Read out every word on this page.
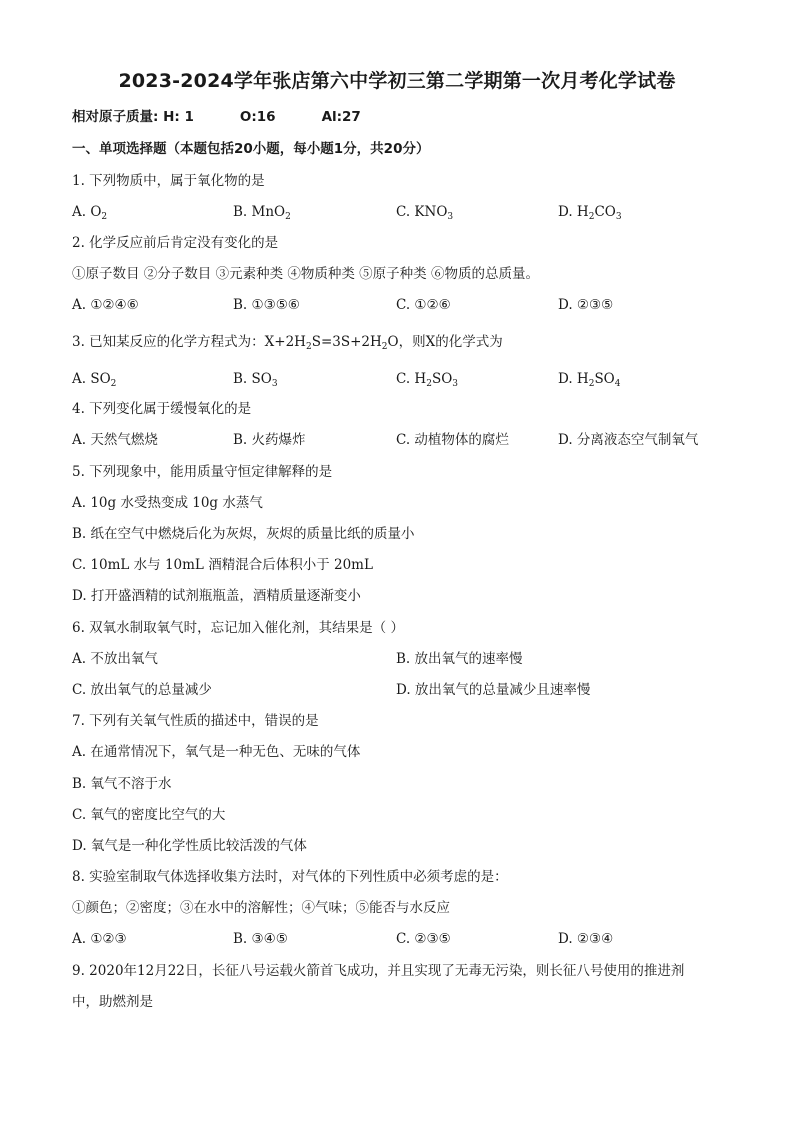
2023-2024学年张店第六中学初三第二学期第一次月考化学试卷
相对原子质量: H: 1	O:16	Al:27
一、单项选择题（本题包括20小题，每小题1分，共20分）
1. 下列物质中，属于氧化物的是
A. $O_2$	B. MnO$_2$	C. $KNO_3$	D. $H_2CO_3$
2. 化学反应前后肯定没有变化的是
①原子数目 ②分子数目 ③元素种类 ④物质种类 ⑤原子种类 ⑥物质的总质量。
A. ①②④⑥	B. ①③⑤⑥	C. ①②⑥	D. ②③⑤
3. 已知某反应的化学方程式为：$X+2H_2S=3S+2H_2O$，则X的化学式为
A. $SO_2$	B. $SO_3$	C. $H_2SO_3$	D. $H_2SO_4$
4. 下列变化属于缓慢氧化的是
A. 天然气燃烧	B. 火药爆炸	C. 动植物体的腐烂	D. 分离液态空气制氧气
5. 下列现象中，能用质量守恒定律解释的是
A. 10g 水受热变成 10g 水蒸气
B. 纸在空气中燃烧后化为灰烬，灰烬的质量比纸的质量小
C. 10mL 水与 10mL 酒精混合后体积小于 20mL
D. 打开盛酒精的试剂瓶瓶盖，酒精质量逐渐变小
6. 双氧水制取氧气时，忘记加入催化剂，其结果是（ ）
A. 不放出氧气	B. 放出氧气的速率慢
C. 放出氧气的总量减少	D. 放出氧气的总量减少且速率慢
7. 下列有关氧气性质的描述中，错误的是
A. 在通常情况下，氧气是一种无色、无味的气体
B. 氧气不溶于水
C. 氧气的密度比空气的大
D. 氧气是一种化学性质比较活泼的气体
8. 实验室制取气体选择收集方法时，对气体的下列性质中必须考虑的是：
①颜色；②密度；③在水中的溶解性；④气味；⑤能否与水反应
A. ①②③	B. ③④⑤	C. ②③⑤	D. ②③④
9. 2020年12月22日，长征八号运载火箭首飞成功，并且实现了无毒无污染，则长征八号使用的推进剂
中，助燃剂是
